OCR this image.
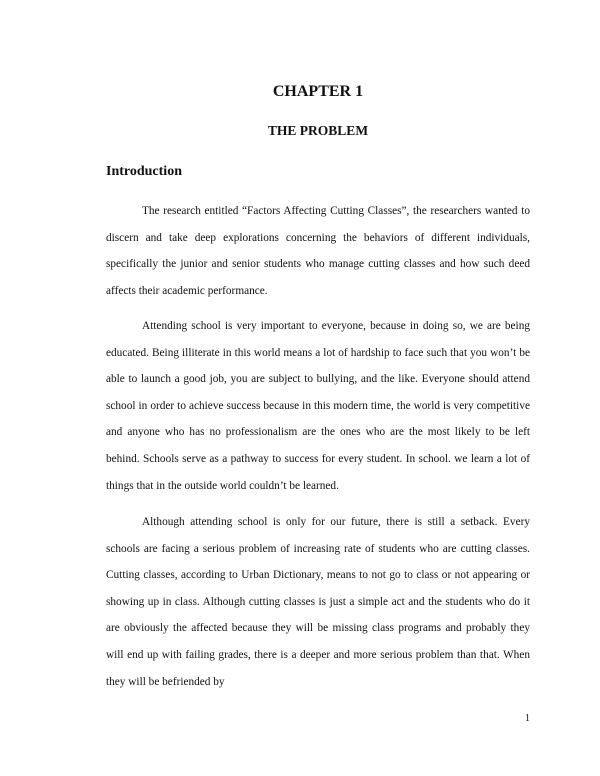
CHAPTER 1
THE PROBLEM
Introduction

The research entitled “Factors Affecting Cutting Classes”, the researchers wanted to discern and take deep explorations concerning the behaviors of different individuals, specifically the junior and senior students who manage cutting classes and how such deed affects their academic performance.

Attending school is very important to everyone, because in doing so, we are being educated. Being illiterate in this world means a lot of hardship to face such that you won’t be able to launch a good job, you are subject to bullying, and the like. Everyone should attend school in order to achieve success because in this modern time, the world is very competitive and anyone who has no professionalism are the ones who are the most likely to be left behind. Schools serve as a pathway to success for every student. In school. we learn a lot of things that in the outside world couldn’t be learned.

Although attending school is only for our future, there is still a setback. Every schools are facing a serious problem of increasing rate of students who are cutting classes. Cutting classes, according to Urban Dictionary, means to not go to class or not appearing or showing up in class. Although cutting classes is just a simple act and the students who do it are obviously the affected because they will be missing class programs and probably they will end up with failing grades, there is a deeper and more serious problem than that. When they will be befriended by

1
